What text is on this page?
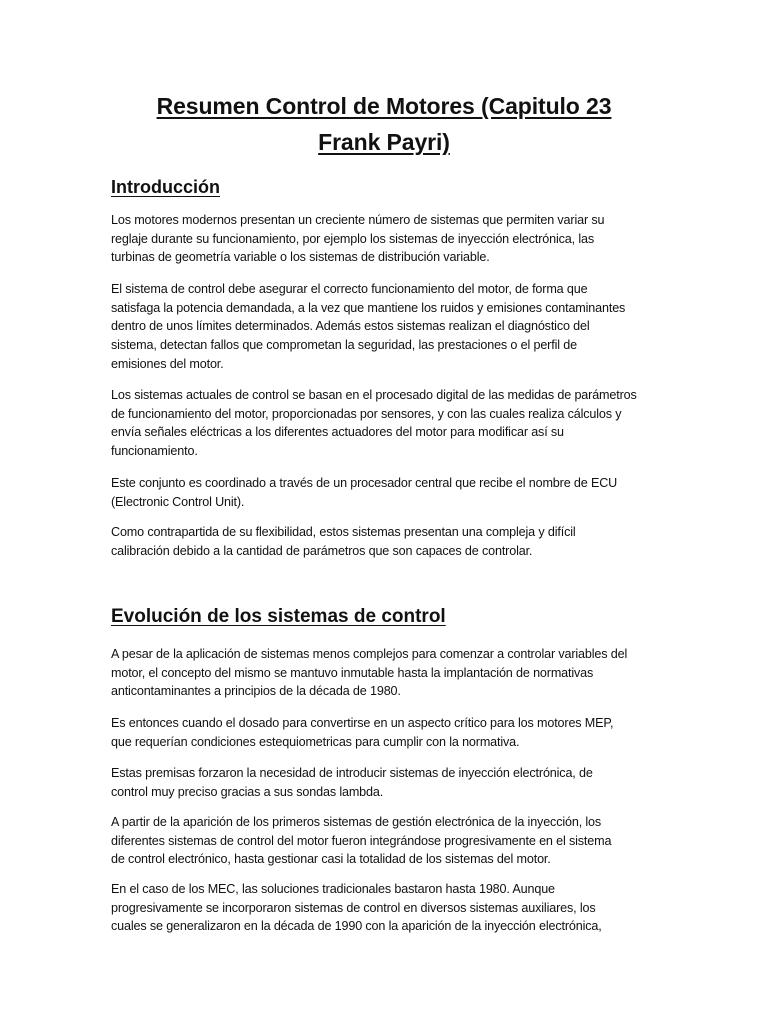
Resumen Control de Motores (Capitulo 23
Frank Payri)
Introducción
Los motores modernos presentan un creciente número de sistemas que permiten variar su
reglaje durante su funcionamiento, por ejemplo los sistemas de inyección electrónica, las
turbinas de geometría variable o los sistemas de distribución variable.
El sistema de control debe asegurar el correcto funcionamiento del motor, de forma que
satisfaga la potencia demandada, a la vez que mantiene los ruidos y emisiones contaminantes
dentro de unos límites determinados. Además estos sistemas realizan el diagnóstico del
sistema, detectan fallos que comprometan la seguridad, las prestaciones o el perfil de
emisiones del motor.
Los sistemas actuales de control se basan en el procesado digital de las medidas de parámetros
de funcionamiento del motor, proporcionadas por sensores, y con las cuales realiza cálculos y
envía señales eléctricas a los diferentes actuadores del motor para modificar así su
funcionamiento.
Este conjunto es coordinado a través de un procesador central que recibe el nombre de ECU
(Electronic Control Unit).
Como contrapartida de su flexibilidad, estos sistemas presentan una compleja y difícil
calibración debido a la cantidad de parámetros que son capaces de controlar.
Evolución de los sistemas de control
A pesar de la aplicación de sistemas menos complejos para comenzar a controlar variables del
motor, el concepto del mismo se mantuvo inmutable hasta la implantación de normativas
anticontaminantes a principios de la década de 1980.
Es entonces cuando el dosado para convertirse en un aspecto crítico para los motores MEP,
que requerían condiciones estequiometricas para cumplir con la normativa.
Estas premisas forzaron la necesidad de introducir sistemas de inyección electrónica, de
control muy preciso gracias a sus sondas lambda.
A partir de la aparición de los primeros sistemas de gestión electrónica de la inyección, los
diferentes sistemas de control del motor fueron integrándose progresivamente en el sistema
de control electrónico, hasta gestionar casi la totalidad de los sistemas del motor.
En el caso de los MEC, las soluciones tradicionales bastaron hasta 1980. Aunque
progresivamente se incorporaron sistemas de control en diversos sistemas auxiliares, los
cuales se generalizaron en la década de 1990 con la aparición de la inyección electrónica,
